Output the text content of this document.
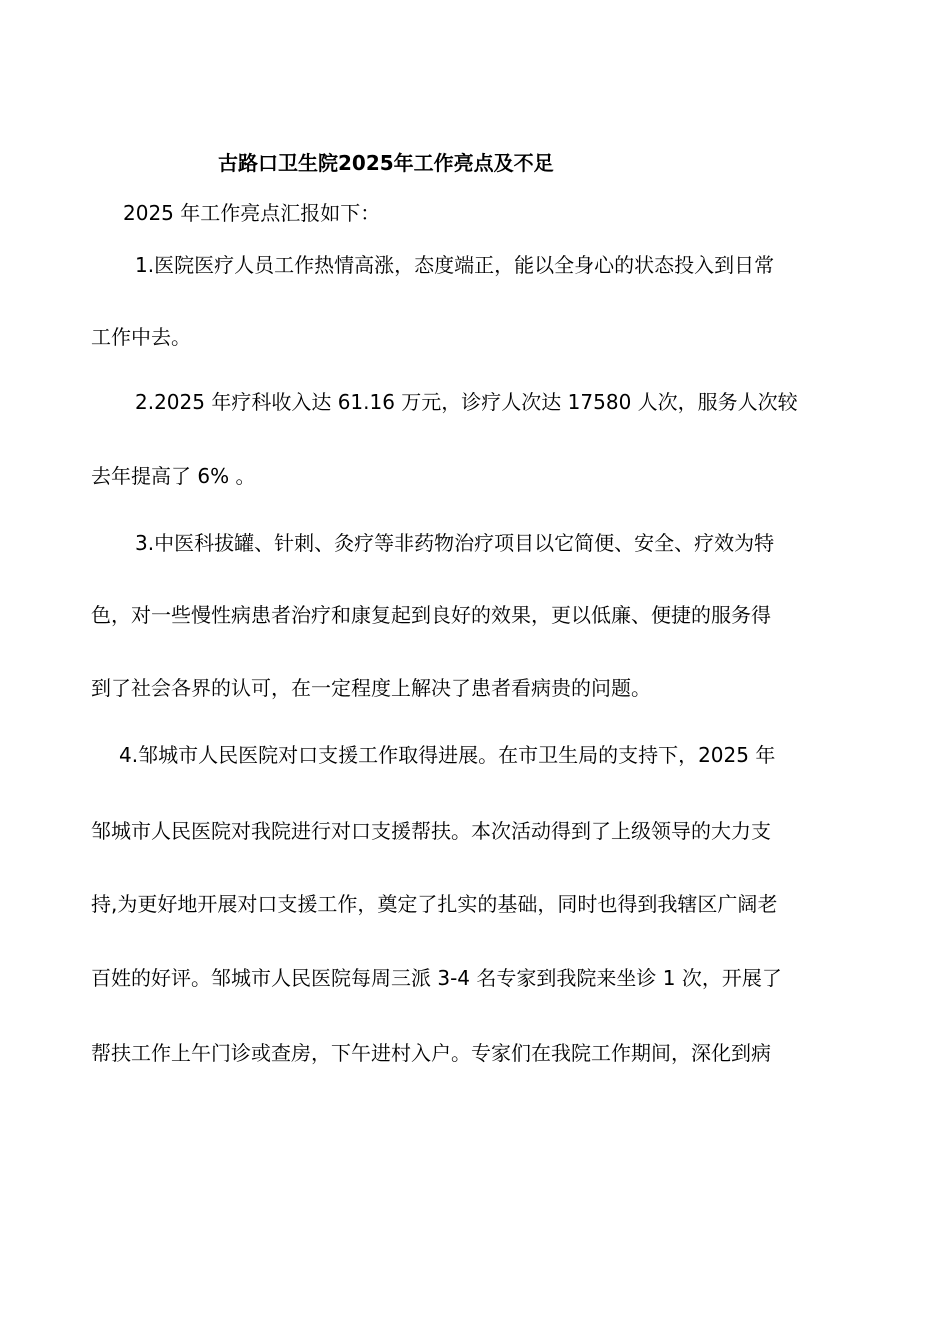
古路口卫生院2025年工作亮点及不足
2025 年工作亮点汇报如下：
1.医院医疗人员工作热情高涨，态度端正，能以全身心的状态投入到日常
工作中去。
2.2025 年疗科收入达 61.16 万元，诊疗人次达 17580 人次，服务人次较
去年提高了 6% 。
3.中医科拔罐、针刺、灸疗等非药物治疗项目以它简便、安全、疗效为特
色，对一些慢性病患者治疗和康复起到良好的效果，更以低廉、便捷的服务得
到了社会各界的认可，在一定程度上解决了患者看病贵的问题。
4.邹城市人民医院对口支援工作取得进展。在市卫生局的支持下，2025 年
邹城市人民医院对我院进行对口支援帮扶。本次活动得到了上级领导的大力支
持,为更好地开展对口支援工作，奠定了扎实的基础，同时也得到我辖区广阔老
百姓的好评。邹城市人民医院每周三派 3-4 名专家到我院来坐诊 1 次，开展了
帮扶工作上午门诊或查房，下午进村入户。专家们在我院工作期间，深化到病
